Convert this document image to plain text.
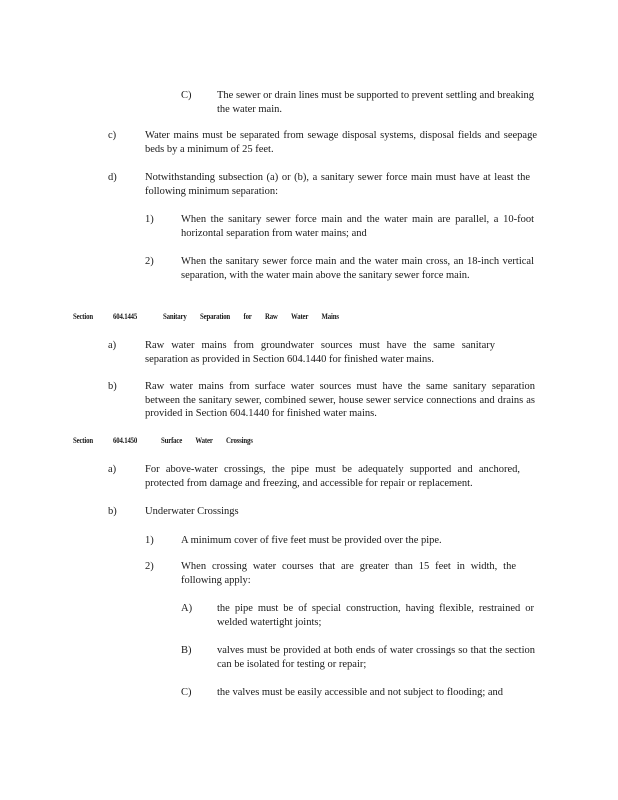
C) The sewer or drain lines must be supported to prevent settling and breaking the water main.
c)	Water mains must be separated from sewage disposal systems, disposal fields and seepage beds by a minimum of 25 feet.
d)	Notwithstanding subsection (a) or (b), a sanitary sewer force main must have at least the following minimum separation:
1)	When the sanitary sewer force main and the water main are parallel, a 10-foot horizontal separation from water mains; and
2)	When the sanitary sewer force main and the water main cross, an 18-inch vertical separation, with the water main above the sanitary sewer force main.
Section	604.1445	Sanitary Separation for Raw Water Mains
a)	Raw water mains from groundwater sources must have the same sanitary separation as provided in Section 604.1440 for finished water mains.
b)	Raw water mains from surface water sources must have the same sanitary separation between the sanitary sewer, combined sewer, house sewer service connections and drains as provided in Section 604.1440 for finished water mains.
Section	604.1450	Surface Water Crossings
a)	For above-water crossings, the pipe must be adequately supported and anchored, protected from damage and freezing, and accessible for repair or replacement.
b)	Underwater Crossings
1)	A minimum cover of five feet must be provided over the pipe.
2)	When crossing water courses that are greater than 15 feet in width, the following apply:
A) the pipe must be of special construction, having flexible, restrained or welded watertight joints;
B) valves must be provided at both ends of water crossings so that the section can be isolated for testing or repair;
C) the valves must be easily accessible and not subject to flooding; and
